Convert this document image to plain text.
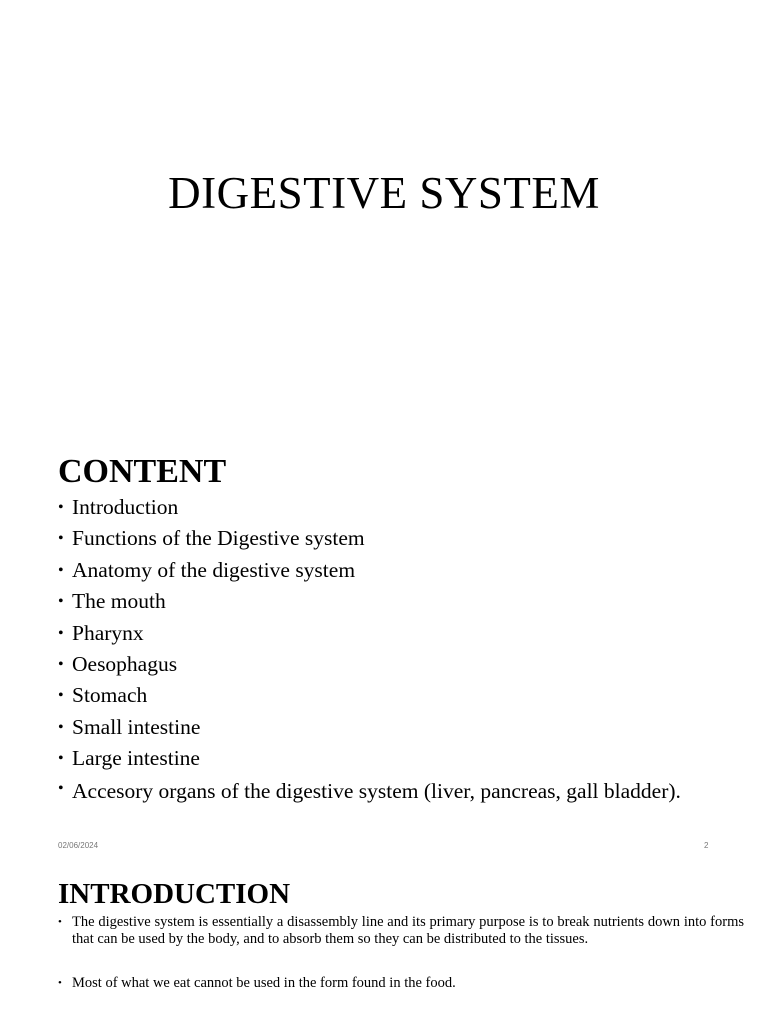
DIGESTIVE SYSTEM
CONTENT
• Introduction
• Functions of the Digestive system
• Anatomy of the digestive system
• The mouth
• Pharynx
• Oesophagus
• Stomach
• Small intestine
• Large intestine
• Accesory organs of the digestive system (liver, pancreas, gall bladder).
02/06/2024	2
INTRODUCTION
• The digestive system is essentially a disassembly line and its primary purpose is to break nutrients down into forms that can be used by the body, and to absorb them so they can be distributed to the tissues.
• Most of what we eat cannot be used in the form found in the food.
